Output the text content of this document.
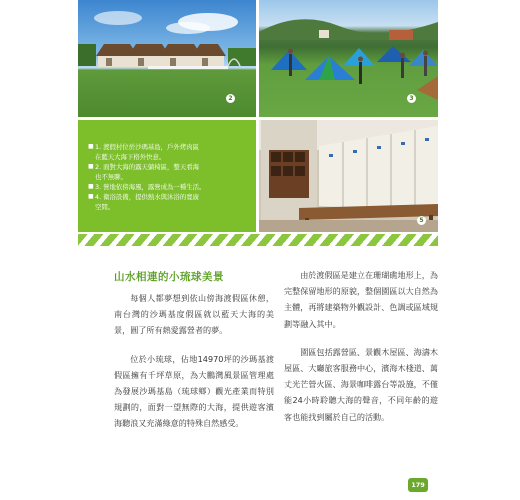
2	3
■ 1. 渡假村位於沙瑪基島，戶外烤肉區
在藍天大海下格外快意。
■ 2. 面對大海的露天躺椅區，整天看海
也不無聊。
■ 3. 營地依傍海風，露營成為一種生活。
■ 4. 衛浴設備，提供熱水與沐浴的寬廣
空間。
5
山水相連的小琉球美景

每個人都夢想到依山傍海渡假區休憩，南台灣的沙瑪基度假區就以藍天大海的美景，圓了所有熱愛露營者的夢。

位於小琉球，佔地14970坪的沙瑪基渡假區擁有千坪草原，為大鵬灣風景區管理處為發展沙瑪基島（琉球鄉）觀光產業而特別規劃的，面對一望無際的大海，提供遊客濱海聽浪又充滿綠意的特殊自然感受。

由於渡假區是建立在珊瑚礁地形上，為完整保留地形的原貌，整個園區以大自然為主體，再將建築物外觀設計、色調或區域規劃等融入其中。

園區包括露營區、景觀木屋區、海濤木屋區、大廳旅客服務中心，濱海木棧道、萬丈光芒營火區、海景咖啡露台等設施，不僅能24小時聆聽大海的聲音，不同年齡的遊客也能找到屬於自己的活動。

179
